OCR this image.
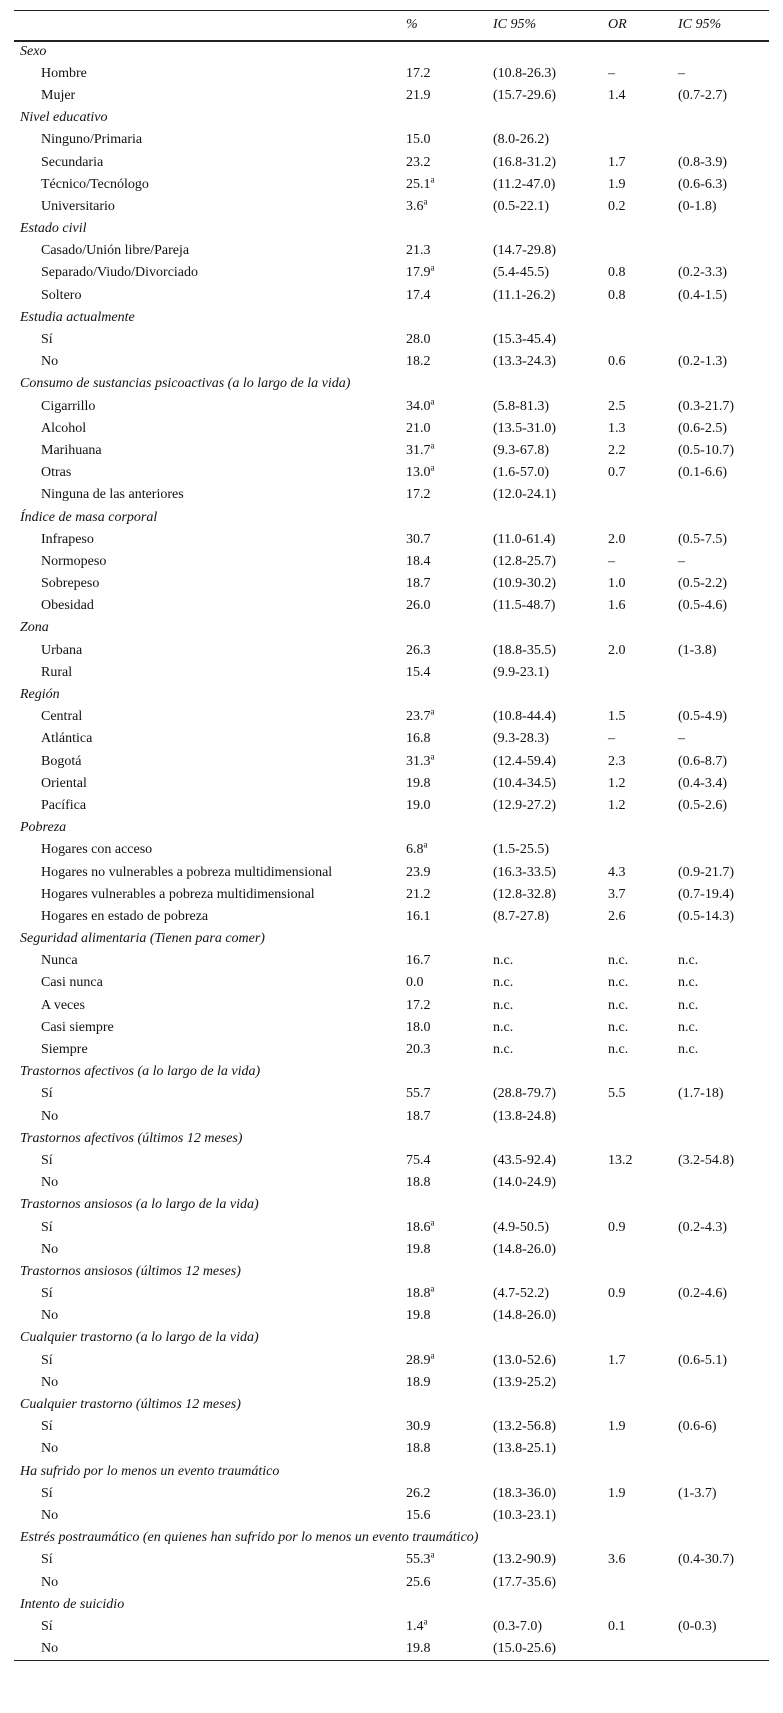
	%	IC 95%	OR	IC 95%
Sexo				
Hombre	17.2	(10.8-26.3)	–	–
Mujer	21.9	(15.7-29.6)	1.4	(0.7-2.7)
Nivel educativo				
Ninguno/Primaria	15.0	(8.0-26.2)		
Secundaria	23.2	(16.8-31.2)	1.7	(0.8-3.9)
Técnico/Tecnólogo	25.1$^a$	(11.2-47.0)	1.9	(0.6-6.3)
Universitario	3.6$^a$	(0.5-22.1)	0.2	(0-1.8)
Estado civil				
Casado/Unión libre/Pareja	21.3	(14.7-29.8)		
Separado/Viudo/Divorciado	17.9$^a$	(5.4-45.5)	0.8	(0.2-3.3)
Soltero	17.4	(11.1-26.2)	0.8	(0.4-1.5)
Estudia actualmente				
Sí	28.0	(15.3-45.4)		
No	18.2	(13.3-24.3)	0.6	(0.2-1.3)
Consumo de sustancias psicoactivas (a lo largo de la vida)				
Cigarrillo	34.0$^a$	(5.8-81.3)	2.5	(0.3-21.7)
Alcohol	21.0	(13.5-31.0)	1.3	(0.6-2.5)
Marihuana	31.7$^a$	(9.3-67.8)	2.2	(0.5-10.7)
Otras	13.0$^a$	(1.6-57.0)	0.7	(0.1-6.6)
Ninguna de las anteriores	17.2	(12.0-24.1)		
Índice de masa corporal				
Infrapeso	30.7	(11.0-61.4)	2.0	(0.5-7.5)
Normopeso	18.4	(12.8-25.7)	–	–
Sobrepeso	18.7	(10.9-30.2)	1.0	(0.5-2.2)
Obesidad	26.0	(11.5-48.7)	1.6	(0.5-4.6)
Zona				
Urbana	26.3	(18.8-35.5)	2.0	(1-3.8)
Rural	15.4	(9.9-23.1)		
Región				
Central	23.7$^a$	(10.8-44.4)	1.5	(0.5-4.9)
Atlántica	16.8	(9.3-28.3)	–	–
Bogotá	31.3$^a$	(12.4-59.4)	2.3	(0.6-8.7)
Oriental	19.8	(10.4-34.5)	1.2	(0.4-3.4)
Pacífica	19.0	(12.9-27.2)	1.2	(0.5-2.6)
Pobreza				
Hogares con acceso	6.8$^a$	(1.5-25.5)		
Hogares no vulnerables a pobreza multidimensional	23.9	(16.3-33.5)	4.3	(0.9-21.7)
Hogares vulnerables a pobreza multidimensional	21.2	(12.8-32.8)	3.7	(0.7-19.4)
Hogares en estado de pobreza	16.1	(8.7-27.8)	2.6	(0.5-14.3)
Seguridad alimentaria (Tienen para comer)				
Nunca	16.7	n.c.	n.c.	n.c.
Casi nunca	0.0	n.c.	n.c.	n.c.
A veces	17.2	n.c.	n.c.	n.c.
Casi siempre	18.0	n.c.	n.c.	n.c.
Siempre	20.3	n.c.	n.c.	n.c.
Trastornos afectivos (a lo largo de la vida)				
Sí	55.7	(28.8-79.7)	5.5	(1.7-18)
No	18.7	(13.8-24.8)		
Trastornos afectivos (últimos 12 meses)				
Sí	75.4	(43.5-92.4)	13.2	(3.2-54.8)
No	18.8	(14.0-24.9)		
Trastornos ansiosos (a lo largo de la vida)				
Sí	18.6$^a$	(4.9-50.5)	0.9	(0.2-4.3)
No	19.8	(14.8-26.0)		
Trastornos ansiosos (últimos 12 meses)				
Sí	18.8$^a$	(4.7-52.2)	0.9	(0.2-4.6)
No	19.8	(14.8-26.0)		
Cualquier trastorno (a lo largo de la vida)				
Sí	28.9$^a$	(13.0-52.6)	1.7	(0.6-5.1)
No	18.9	(13.9-25.2)		
Cualquier trastorno (últimos 12 meses)				
Sí	30.9	(13.2-56.8)	1.9	(0.6-6)
No	18.8	(13.8-25.1)		
Ha sufrido por lo menos un evento traumático				
Sí	26.2	(18.3-36.0)	1.9	(1-3.7)
No	15.6	(10.3-23.1)		
Estrés postraumático (en quienes han sufrido por lo menos un evento traumático)				
Sí	55.3$^a$	(13.2-90.9)	3.6	(0.4-30.7)
No	25.6	(17.7-35.6)		
Intento de suicidio				
Sí	1.4$^a$	(0.3-7.0)	0.1	(0-0.3)
No	19.8	(15.0-25.6)		
